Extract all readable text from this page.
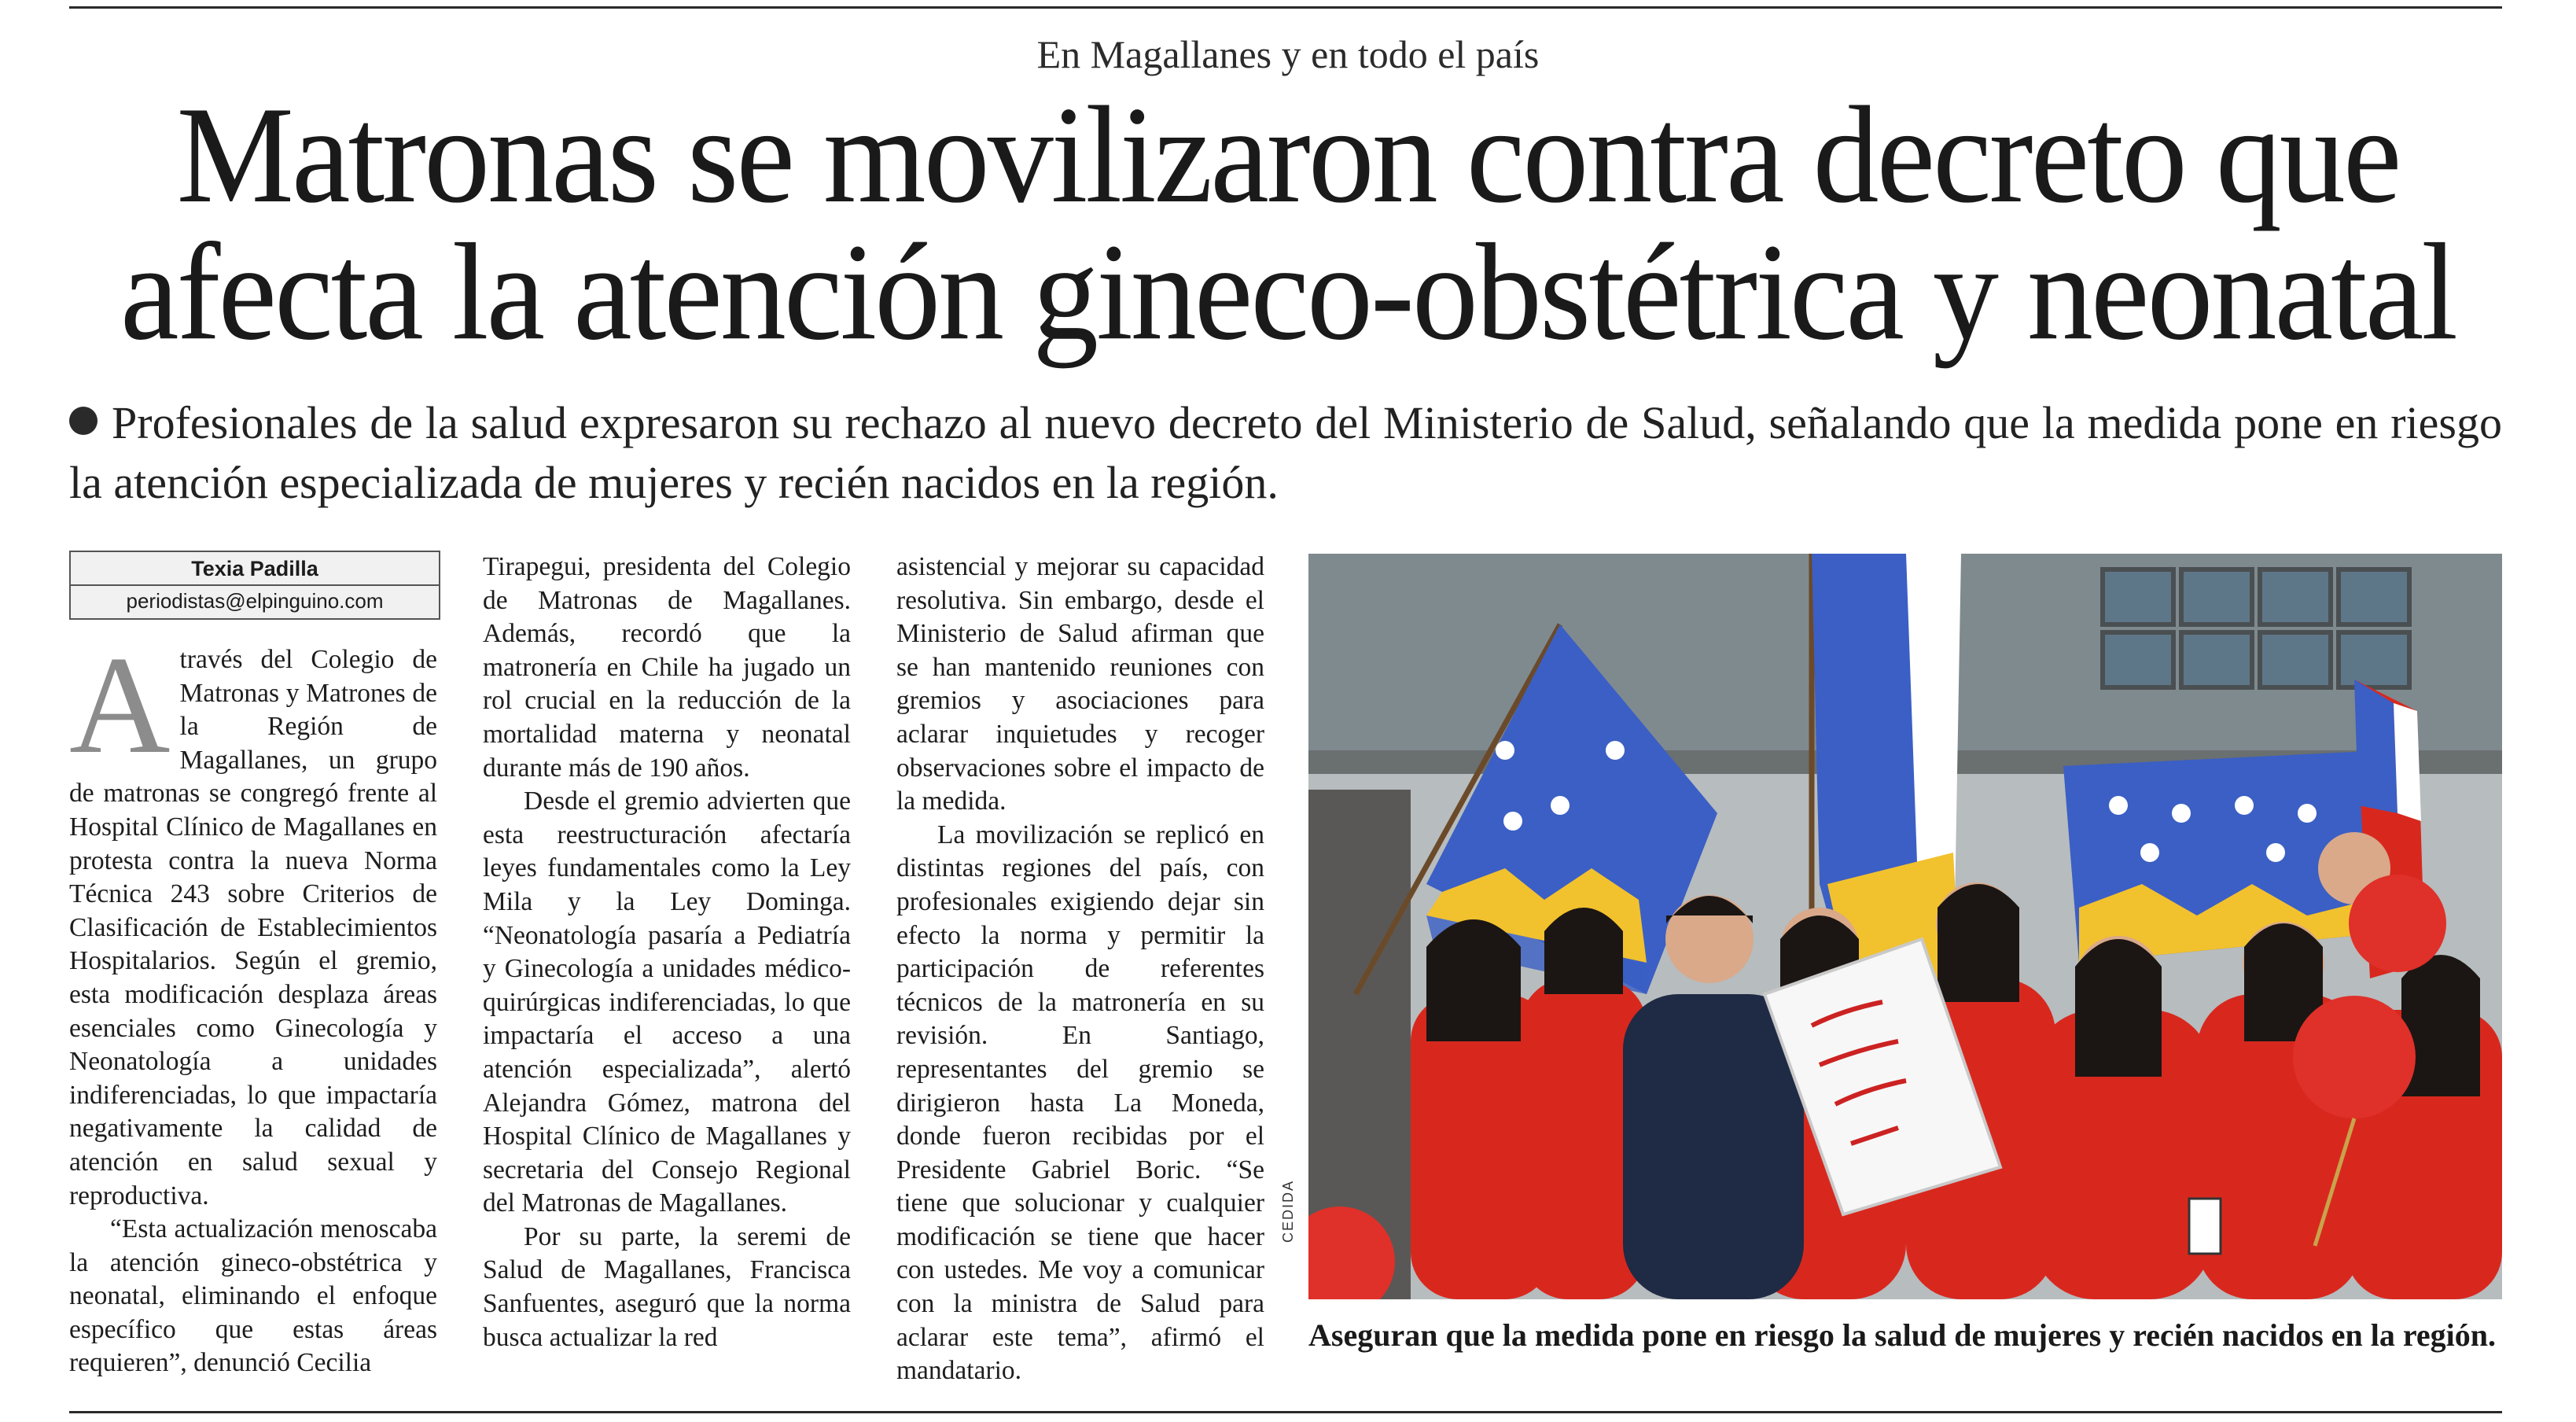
En Magallanes y en todo el país
Matronas se movilizaron contra decreto que
afecta la atención gineco-obstétrica y neonatal
Profesionales de la salud expresaron su rechazo al nuevo decreto del Ministerio de Salud, señalando que la medida pone en riesgo la atención especializada de mujeres y recién nacidos en la región.
Texia Padilla
periodistas@elpinguino.com

Através del Colegio de Matronas y Matrones de la Región de Magallanes, un grupo de matronas se congregó frente al Hospital Clínico de Magallanes en protesta contra la nueva Norma Técnica 243 sobre Criterios de Clasificación de Establecimientos Hospitalarios. Según el gremio, esta modificación desplaza áreas esenciales como Ginecología y Neonatología a unidades indiferenciadas, lo que impactaría negativamente la calidad de atención en salud sexual y reproductiva.

“Esta actualización menoscaba la atención gineco-obstétrica y neonatal, eliminando el enfoque específico que estas áreas requieren”, denunció Cecilia

Tirapegui, presidenta del Colegio de Matronas de Magallanes. Además, recordó que la matronería en Chile ha jugado un rol crucial en la reducción de la mortalidad materna y neonatal durante más de 190 años.

Desde el gremio advierten que esta reestructuración afectaría leyes fundamentales como la Ley Mila y la Ley Dominga. “Neonatología pasaría a Pediatría y Ginecología a unidades médico-quirúrgicas indiferenciadas, lo que impactaría el acceso a una atención especializada”, alertó Alejandra Gómez, matrona del Hospital Clínico de Magallanes y secretaria del Consejo Regional del Matronas de Magallanes.

Por su parte, la seremi de Salud de Magallanes, Francisca Sanfuentes, aseguró que la norma busca actualizar la red

asistencial y mejorar su capacidad resolutiva. Sin embargo, desde el Ministerio de Salud afirman que se han mantenido reuniones con gremios y asociaciones para aclarar inquietudes y recoger observaciones sobre el impacto de la medida.

La movilización se replicó en distintas regiones del país, con profesionales exigiendo dejar sin efecto la norma y permitir la participación de referentes técnicos de la matronería en su revisión. En Santiago, representantes del gremio se dirigieron hasta La Moneda, donde fueron recibidas por el Presidente Gabriel Boric. “Se tiene que solucionar y cualquier modificación se tiene que hacer con ustedes. Me voy a comunicar con la ministra de Salud para aclarar este tema”, afirmó el mandatario.

CEDIDA
Aseguran que la medida pone en riesgo la salud de mujeres y recién nacidos en la región.
